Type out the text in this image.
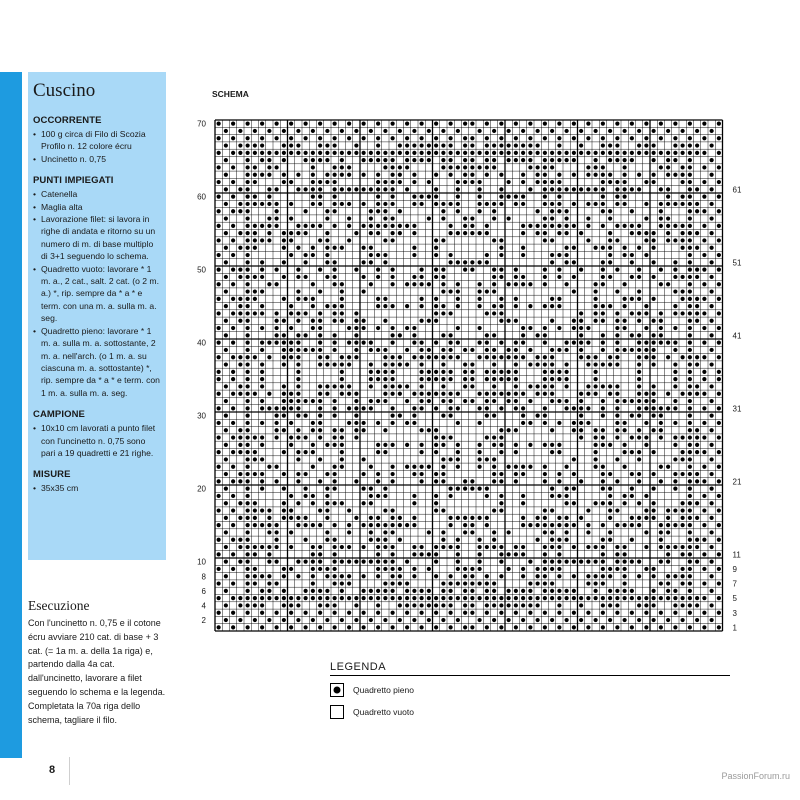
Cuscino
OCCORRENTE
• 100 g circa di Filo di Scozia Profilo n. 12 colore écru
• Uncinetto n. 0,75
PUNTI IMPIEGATI
• Catenella
• Maglia alta
• Lavorazione filet: si lavora in righe di andata e ritorno su un numero di m. di base multiplo di 3+1 seguendo lo schema.
• Quadretto vuoto: lavorare * 1 m. a., 2 cat., salt. 2 cat. (o 2 m. a.) *, rip. sempre da * a * e term. con una m. a. sulla m. a. seg.
• Quadretto pieno: lavorare * 1 m. a. sulla m. a. sottostante, 2 m. a. nell'arch. (o 1 m. a. su ciascuna m. a. sottostante) *, rip. sempre da * a * e term. con 1 m. a. sulla m. a. seg.
CAMPIONE
• 10x10 cm lavorati a punto filet con l'uncinetto n. 0,75 sono pari a 19 quadretti e 21 righe.
MISURE
• 35x35 cm
Esecuzione

Con l'uncinetto n. 0,75 e il cotone écru avviare 210 cat. di base + 3 cat. (= 1a m. a. della 1a riga) e, partendo dalla 4a cat. dall'uncinetto, lavorare a filet seguendo lo schema e la legenda. Completata la 70a riga dello schema, tagliare il filo.

8
SCHEMA
70
60
50
40
30
20
10
8
6
4
2
61
51
41
31
21
11
9
7
5
3
1
LEGENDA
Quadretto pieno
Quadretto vuoto
PassionForum.ru
